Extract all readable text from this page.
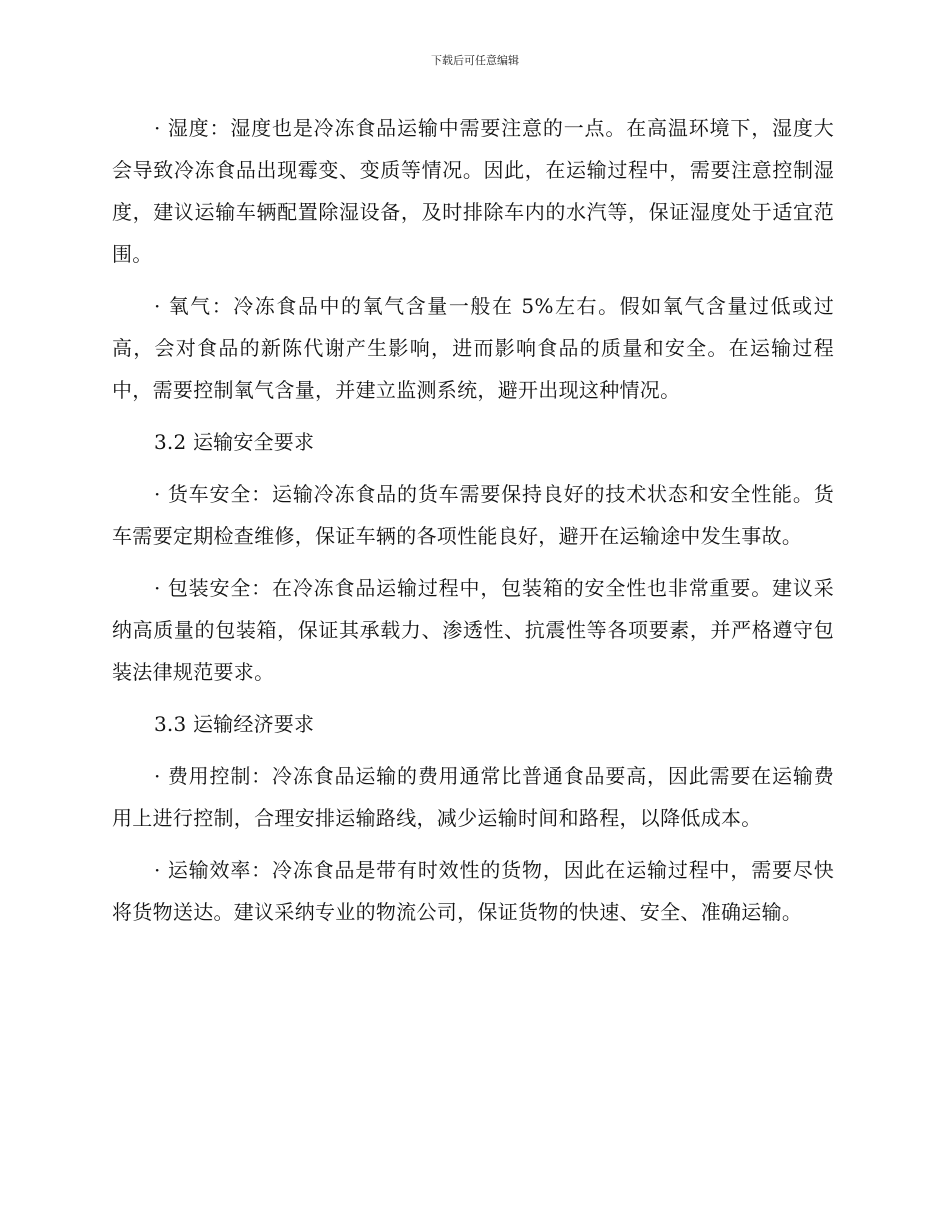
下载后可任意编辑

· 湿度：湿度也是冷冻食品运输中需要注意的一点。在高温环境下，湿度大会导致冷冻食品出现霉变、变质等情况。因此，在运输过程中，需要注意控制湿度，建议运输车辆配置除湿设备，及时排除车内的水汽等，保证湿度处于适宜范围。

· 氧气：冷冻食品中的氧气含量一般在 5%左右。假如氧气含量过低或过高，会对食品的新陈代谢产生影响，进而影响食品的质量和安全。在运输过程中，需要控制氧气含量，并建立监测系统，避开出现这种情况。

3.2 运输安全要求

· 货车安全：运输冷冻食品的货车需要保持良好的技术状态和安全性能。货车需要定期检查维修，保证车辆的各项性能良好，避开在运输途中发生事故。

· 包装安全：在冷冻食品运输过程中，包装箱的安全性也非常重要。建议采纳高质量的包装箱，保证其承载力、渗透性、抗震性等各项要素，并严格遵守包装法律规范要求。

3.3 运输经济要求

· 费用控制：冷冻食品运输的费用通常比普通食品要高，因此需要在运输费用上进行控制，合理安排运输路线，减少运输时间和路程，以降低成本。

· 运输效率：冷冻食品是带有时效性的货物，因此在运输过程中，需要尽快将货物送达。建议采纳专业的物流公司，保证货物的快速、安全、准确运输。
